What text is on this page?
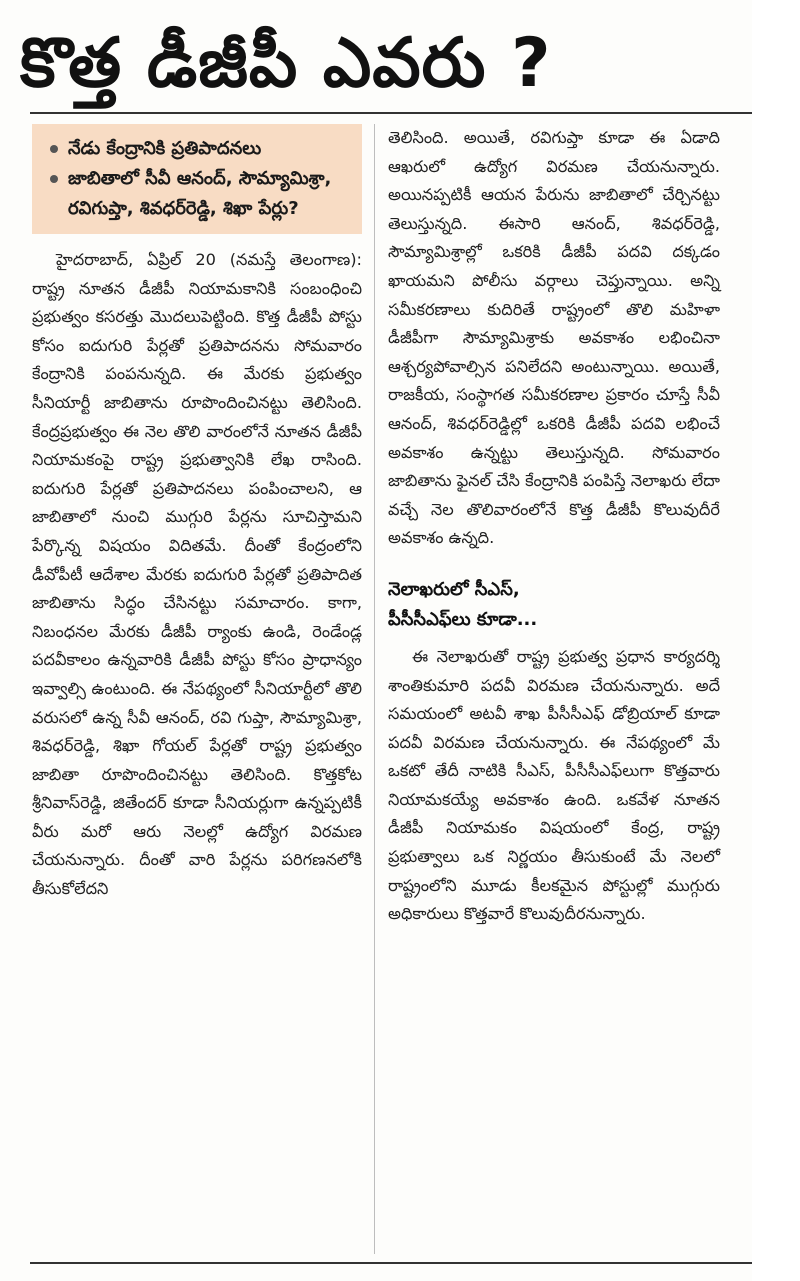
కొత్త డీజీపీ ఎవరు ?
నేడు కేంద్రానికి ప్రతిపాదనలు
జాబితాలో సీవీ ఆనంద్, సౌమ్యామిశ్రా, రవిగుప్తా, శివధర్‌రెడ్డి, శిఖా పేర్లు?

హైదరాబాద్, ఏప్రిల్ 20 (నమస్తే తెలంగాణ): రాష్ట్ర నూతన డీజీపీ నియామకానికి సంబంధించి ప్రభుత్వం కసరత్తు మొదలుపెట్టింది. కొత్త డీజీపీ పోస్టు కోసం ఐదుగురి పేర్లతో ప్రతిపాదనను సోమవారం కేంద్రానికి పంపనున్నది. ఈ మేరకు ప్రభుత్వం సీనియార్టీ జాబితాను రూపొందించినట్టు తెలిసింది. కేంద్రప్రభుత్వం ఈ నెల తొలి వారంలోనే నూతన డీజీపీ నియామకంపై రాష్ట్ర ప్రభుత్వానికి లేఖ రాసింది. ఐదుగురి పేర్లతో ప్రతిపాదనలు పంపించాలని, ఆ జాబితాలో నుంచి ముగ్గురి పేర్లను సూచిస్తామని పేర్కొన్న విషయం విదితమే. దీంతో కేంద్రంలోని డీవోపీటీ ఆదేశాల మేరకు ఐదుగురి పేర్లతో ప్రతిపాదిత జాబితాను సిద్ధం చేసినట్టు సమాచారం. కాగా, నిబంధనల మేరకు డీజీపీ ర్యాంకు ఉండి, రెండేండ్ల పదవీకాలం ఉన్నవారికి డీజీపీ పోస్టు కోసం ప్రాధాన్యం ఇవ్వాల్సి ఉంటుంది. ఈ నేపథ్యంలో సీనియార్టీలో తొలి వరుసలో ఉన్న సీవీ ఆనంద్, రవి గుప్తా, సౌమ్యామిశ్రా, శివధర్‌రెడ్డి, శిఖా గోయల్ పేర్లతో రాష్ట్ర ప్రభుత్వం జాబితా రూపొందించినట్టు తెలిసింది. కొత్తకోట శ్రీనివాస్‌రెడ్డి, జితేందర్ కూడా సీనియర్లుగా ఉన్నప్పటికీ వీరు మరో ఆరు నెలల్లో ఉద్యోగ విరమణ చేయనున్నారు. దీంతో వారి పేర్లను పరిగణనలోకి తీసుకోలేదని

తెలిసింది. అయితే, రవిగుప్తా కూడా ఈ ఏడాది ఆఖరులో ఉద్యోగ విరమణ చేయనున్నారు. అయినప్పటికీ ఆయన పేరును జాబితాలో చేర్చినట్టు తెలుస్తున్నది. ఈసారి ఆనంద్, శివధర్‌రెడ్డి, సౌమ్యామిశ్రాల్లో ఒకరికి డీజీపీ పదవి దక్కడం ఖాయమని పోలీసు వర్గాలు చెప్తున్నాయి. అన్ని సమీకరణాలు కుదిరితే రాష్ట్రంలో తొలి మహిళా డీజీపీగా సౌమ్యామిశ్రాకు అవకాశం లభించినా ఆశ్చర్యపోవాల్సిన పనిలేదని అంటున్నాయి. అయితే, రాజకీయ, సంస్థాగత సమీకరణాల ప్రకారం చూస్తే సీవీ ఆనంద్, శివధర్‌రెడ్డిల్లో ఒకరికి డీజీపీ పదవి లభించే అవకాశం ఉన్నట్టు తెలుస్తున్నది. సోమవారం జాబితాను ఫైనల్ చేసి కేంద్రానికి పంపిస్తే నెలాఖరు లేదా వచ్చే నెల తొలివారంలోనే కొత్త డీజీపీ కొలువుదీరే అవకాశం ఉన్నది.

నెలాఖరులో సీఎస్,
పీసీసీఎఫ్‌లు కూడా...

ఈ నెలాఖరుతో రాష్ట్ర ప్రభుత్వ ప్రధాన కార్యదర్శి శాంతికుమారి పదవీ విరమణ చేయనున్నారు. అదే సమయంలో అటవీ శాఖ పీసీసీఎఫ్ డోబ్రియాల్ కూడా పదవీ విరమణ చేయనున్నారు. ఈ నేపథ్యంలో మే ఒకటో తేదీ నాటికి సీఎస్, పీసీసీఎఫ్‌లుగా కొత్తవారు నియామకయ్యే అవకాశం ఉంది. ఒకవేళ నూతన డీజీపీ నియామకం విషయంలో కేంద్ర, రాష్ట్ర ప్రభుత్వాలు ఒక నిర్ణయం తీసుకుంటే మే నెలలో రాష్ట్రంలోని మూడు కీలకమైన పోస్టుల్లో ముగ్గురు అధికారులు కొత్తవారే కొలువుదీరనున్నారు.
